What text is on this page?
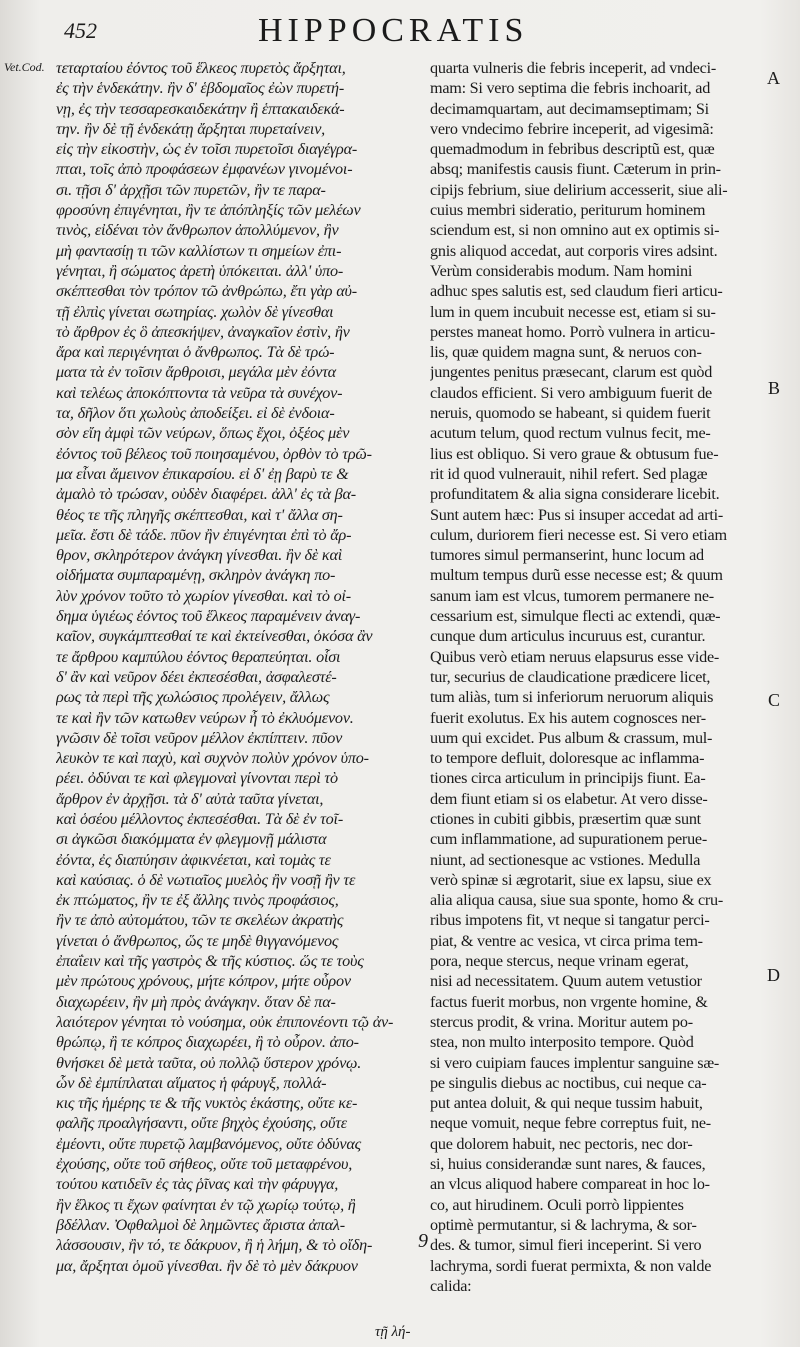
452	HIPPOCRATIS
Vet.Cod. τεταρταίου ἐόντος τοῦ ἕλκεος πυρετὸς ἄρξηται,
ἐς τὴν ἑνδεκάτην. ἢν δ' ἑβδομαῖος ἐὼν πυρετή-
νῃ, ἐς τὴν τεσσαρεσκαιδεκάτην ἢ ἑπτακαιδεκά-
την. ἢν δὲ τῇ ἑνδεκάτῃ ἄρξηται πυρεταίνειν,
εἰς τὴν εἰκοστὴν, ὡς ἐν τοῖσι πυρετοῖσι διαγέγρα-
πται, τοῖς ἀπὸ προφάσεων ἐμφανέων γινομένοι-
σι. τῇσι δ' ἀρχῇσι τῶν πυρετῶν, ἢν τε παρα-
φροσύνη ἐπιγένηται, ἢν τε ἀπόπληξίς τῶν μελέων
τινὸς, εἰδέναι τὸν ἄνθρωπον ἀπολλύμενον, ἢν
μὴ φαντασίῃ τι τῶν καλλίστων τι σημείων ἐπι-
γένηται, ἢ σώματος ἀρετὴ ὑπόκειται. ἀλλ' ὑπο-
σκέπτεσθαι τὸν τρόπον τῶ ἀνθρώπω, ἔτι γὰρ αὐ-
τῇ ἐλπὶς γίνεται σωτηρίας. χωλὸν δὲ γίνεσθαι
τὸ ἄρθρον ἐς ὃ ἀπεσκήψεν, ἀναγκαῖον ἐστὶν, ἢν
ἄρα καὶ περιγένηται ὁ ἄνθρωπος. Τὰ δὲ τρώ-
ματα τὰ ἐν τοῖσιν ἄρθροισι, μεγάλα μὲν ἐόντα
καὶ τελέως ἀποκόπτοντα τὰ νεῦρα τὰ συνέχον-
τα, δῆλον ὅτι χωλοὺς ἀποδείξει. εἰ δὲ ἐνδοια-
σὸν εἴη ἀμφὶ τῶν νεύρων, ὅπως ἔχοι, ὀξέος μὲν
ἐόντος τοῦ βέλεος τοῦ ποιησαμένου, ὀρθὸν τὸ τρῶ-
μα εἶναι ἄμεινον ἐπικαρσίου. εἰ δ' ἐῃ βαρὺ τε &
ἀμαλὸ τὸ τρώσαν, οὐδὲν διαφέρει. ἀλλ' ἐς τὰ βα-
θέος τε τῆς πληγῆς σκέπτεσθαι, καὶ τ' ἄλλα ση-
μεῖα. ἔστι δὲ τάδε. πῦον ἢν ἐπιγένηται ἐπὶ τὸ ἄρ-
θρον, σκληρότερον ἀνάγκη γίνεσθαι. ἢν δὲ καὶ
οἰδήματα συμπαραμένῃ, σκληρὸν ἀνάγκη πο-
λὺν χρόνον τοῦτο τὸ χωρίον γίνεσθαι. καὶ τὸ οἰ-
δημα ὑγιέως ἐόντος τοῦ ἕλκεος παραμένειν ἀναγ-
καῖον, συγκάμπτεσθαί τε καὶ ἐκτείνεσθαι, ὁκόσα ἂν
τε ἄρθρου καμπύλου ἐόντος θεραπεύηται. οἷσι
δ' ἂν καὶ νεῦρον δέει ἐκπεσέσθαι, ἀσφαλεστέ-
ρως τὰ περὶ τῆς χωλώσιος προλέγειν, ἄλλως
τε καὶ ἢν τῶν κατωθεν νεύρων ἦ τὸ ἐκλυόμενον.
γνῶσιν δὲ τοῖσι νεῦρον μέλλον ἐκπίπτειν. πῦον
λευκὸν τε καὶ παχὺ, καὶ συχνὸν πολὺν χρόνον ὑπο-
ρέει. ὀδύναι τε καὶ φλεγμοναὶ γίνονται περὶ τὸ
ἄρθρον ἐν ἀρχῇσι. τὰ δ' αὐτὰ ταῦτα γίνεται,
καὶ ὁσέου μέλλοντος ἐκπεσέσθαι. Τὰ δὲ ἐν τοῖ-
σι ἀγκῶσι διακόμματα ἐν φλεγμονῇ μάλιστα
ἐόντα, ἐς διαπύησιν ἀφικνέεται, καὶ τομὰς τε
καὶ καύσιας. ὁ δὲ νωτιαῖος μυελὸς ἢν νοσῇ ἢν τε
ἐκ πτώματος, ἢν τε ἐξ ἄλλης τινὸς προφάσιος,
ἢν τε ἀπὸ αὐτομάτου, τῶν τε σκελέων ἀκρατὴς
γίνεται ὁ ἄνθρωπος, ὥς τε μηδὲ θιγγανόμενος
ἐπαΐειν καὶ τῆς γαστρὸς & τῆς κύστιος. ὥς τε τοὺς
μὲν πρώτους χρόνους, μήτε κόπρον, μήτε οὖρον
διαχωρέειν, ἢν μὴ πρὸς ἀνάγκην. ὅταν δὲ πα-
λαιότερον γένηται τὸ νούσημα, οὐκ ἐπιπονέοντι τῷ ἀν-
θρώπῳ, ἢ τε κόπρος διαχωρέει, ἢ τὸ οὖρον. ἀπο-
θνήσκει δὲ μετὰ ταῦτα, οὐ πολλῷ ὕστερον χρόνῳ.
ὧν δὲ ἐμπίπλαται αἵματος ἡ φάρυγξ, πολλά-
κις τῆς ἡμέρης τε & τῆς νυκτὸς ἑκάστης, οὔτε κε-
φαλῆς προαλγήσαντι, οὔτε βηχὸς ἐχούσης, οὔτε
ἐμέοντι, οὔτε πυρετῷ λαμβανόμενος, οὔτε ὀδύνας
ἐχούσης, οὔτε τοῦ σήθεος, οὔτε τοῦ μεταφρένου,
τούτου κατιδεῖν ἐς τὰς ῥῖνας καὶ τὴν φάρυγγα,
ἢν ἕλκος τι ἔχων φαίνηται ἐν τῷ χωρίῳ τούτῳ, ἢ
βδέλλαν. Ὀφθαλμοὶ δὲ λημῶντες ἄριστα ἀπαλ-
λάσσουσιν, ἢν τό, τε δάκρυον, ἢ ἡ λήμη, & τὸ οἴδη-
μα, ἄρξηται ὁμοῦ γίνεσθαι. ἢν δὲ τὸ μὲν δάκρυον
τῇ λή-
quarta vulneris die febris inceperit, ad vndeci-
mam: Si vero septima die febris inchoarit, ad
decimamquartam, aut decimamseptimam; Si
vero vndecimo febrire inceperit, ad vigesimã:
quemadmodum in febribus descriptũ est, quæ
absq; manifestis causis fiunt. Cæterum in prin-
cipijs febrium, siue delirium accesserit, siue ali-
cuius membri sideratio, periturum hominem
sciendum est, si non omnino aut ex optimis si-
gnis aliquod accedat, aut corporis vires adsint.
Verùm considerabis modum. Nam homini
adhuc spes salutis est, sed claudum fieri articu-
lum in quem incubuit necesse est, etiam si su-
perstes maneat homo. Porrò vulnera in articu-
lis, quæ quidem magna sunt, & neruos con-
jungentes penitus præsecant, clarum est quòd
claudos efficient. Si vero ambiguum fuerit de
neruis, quomodo se habeant, si quidem fuerit
acutum telum, quod rectum vulnus fecit, me-
lius est obliquo. Si vero graue & obtusum fue-
rit id quod vulnerauit, nihil refert. Sed plagæ
profunditatem & alia signa considerare licebit.
Sunt autem hæc: Pus si insuper accedat ad arti-
culum, duriorem fieri necesse est. Si vero etiam
tumores simul permanserint, hunc locum ad
multum tempus durũ esse necesse est; & quum
sanum iam est vlcus, tumorem permanere ne-
cessarium est, simulque flecti ac extendi, quæ-
cunque dum articulus incuruus est, curantur.
Quibus verò etiam neruus elapsurus esse vide-
tur, securius de claudicatione prædicere licet,
tum aliàs, tum si inferiorum neruorum aliquis
fuerit exolutus. Ex his autem cognosces ner-
uum qui excidet. Pus album & crassum, mul-
to tempore defluit, doloresque ac inflamma-
tiones circa articulum in principijs fiunt. Ea-
dem fiunt etiam si os elabetur. At vero disse-
ctiones in cubiti gibbis, præsertim quæ sunt
cum inflammatione, ad supurationem perue-
niunt, ad sectionesque ac vstiones. Medulla
verò spinæ si ægrotarit, siue ex lapsu, siue ex
alia aliqua causa, siue sua sponte, homo & cru-
ribus impotens fit, vt neque si tangatur perci-
piat, & ventre ac vesica, vt circa prima tem-
pora, neque stercus, neque vrinam egerat,
nisi ad necessitatem. Quum autem vetustior
factus fuerit morbus, non vrgente homine, &
stercus prodit, & vrina. Moritur autem po-
stea, non multo interposito tempore. Quòd
si vero cuipiam fauces implentur sanguine sæ-
pe singulis diebus ac noctibus, cui neque ca-
put antea doluit, & qui neque tussim habuit,
neque vomuit, neque febre correptus fuit, ne-
que dolorem habuit, nec pectoris, nec dor-
si, huius considerandæ sunt nares, & fauces,
an vlcus aliquod habere compareat in hoc lo-
co, aut hirudinem. Oculi porrò lippientes
optimè permutantur, si & lachryma, & sor-
des. & tumor, simul fieri inceperint. Si vero
lachryma, sordi fuerat permixta, & non valde
calida:
A
B
C
D
9
